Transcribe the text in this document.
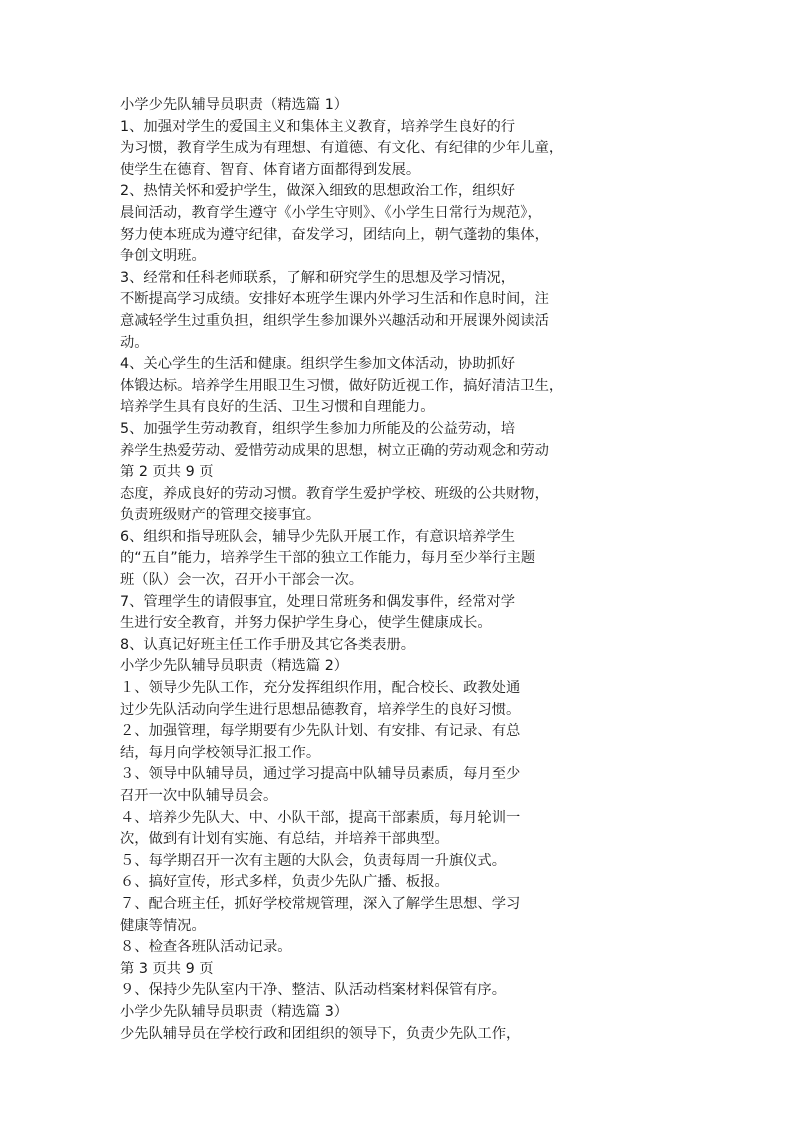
小学少先队辅导员职责（精选篇 1）
1、加强对学生的爱国主义和集体主义教育，培养学生良好的行
为习惯，教育学生成为有理想、有道德、有文化、有纪律的少年儿童，
使学生在德育、智育、体育诸方面都得到发展。
2、热情关怀和爱护学生，做深入细致的思想政治工作，组织好
晨间活动，教育学生遵守《小学生守则》、《小学生日常行为规范》，
努力使本班成为遵守纪律，奋发学习，团结向上，朝气蓬勃的集体，
争创文明班。
3、经常和任科老师联系，了解和研究学生的思想及学习情况，
不断提高学习成绩。安排好本班学生课内外学习生活和作息时间，注
意减轻学生过重负担，组织学生参加课外兴趣活动和开展课外阅读活
动。
4、关心学生的生活和健康。组织学生参加文体活动，协助抓好
体锻达标。培养学生用眼卫生习惯，做好防近视工作，搞好清洁卫生，
培养学生具有良好的生活、卫生习惯和自理能力。
5、加强学生劳动教育，组织学生参加力所能及的公益劳动，培
养学生热爱劳动、爱惜劳动成果的思想，树立正确的劳动观念和劳动
第 2 页共 9 页
态度，养成良好的劳动习惯。教育学生爱护学校、班级的公共财物，
负责班级财产的管理交接事宜。
6、组织和指导班队会，辅导少先队开展工作，有意识培养学生
的“五自”能力，培养学生干部的独立工作能力，每月至少举行主题
班（队）会一次，召开小干部会一次。
7、管理学生的请假事宜，处理日常班务和偶发事件，经常对学
生进行安全教育，并努力保护学生身心，使学生健康成长。
8、认真记好班主任工作手册及其它各类表册。
小学少先队辅导员职责（精选篇 2）
１、领导少先队工作，充分发挥组织作用，配合校长、政教处通
过少先队活动向学生进行思想品德教育，培养学生的良好习惯。
２、加强管理，每学期要有少先队计划、有安排、有记录、有总
结，每月向学校领导汇报工作。
３、领导中队辅导员，通过学习提高中队辅导员素质，每月至少
召开一次中队辅导员会。
４、培养少先队大、中、小队干部，提高干部素质，每月轮训一
次，做到有计划有实施、有总结，并培养干部典型。
５、每学期召开一次有主题的大队会，负责每周一升旗仪式。
６、搞好宣传，形式多样，负责少先队广播、板报。
７、配合班主任，抓好学校常规管理，深入了解学生思想、学习
健康等情况。
８、检查各班队活动记录。
第 3 页共 9 页
９、保持少先队室内干净、整洁、队活动档案材料保管有序。
小学少先队辅导员职责（精选篇 3）
少先队辅导员在学校行政和团组织的领导下，负责少先队工作，
